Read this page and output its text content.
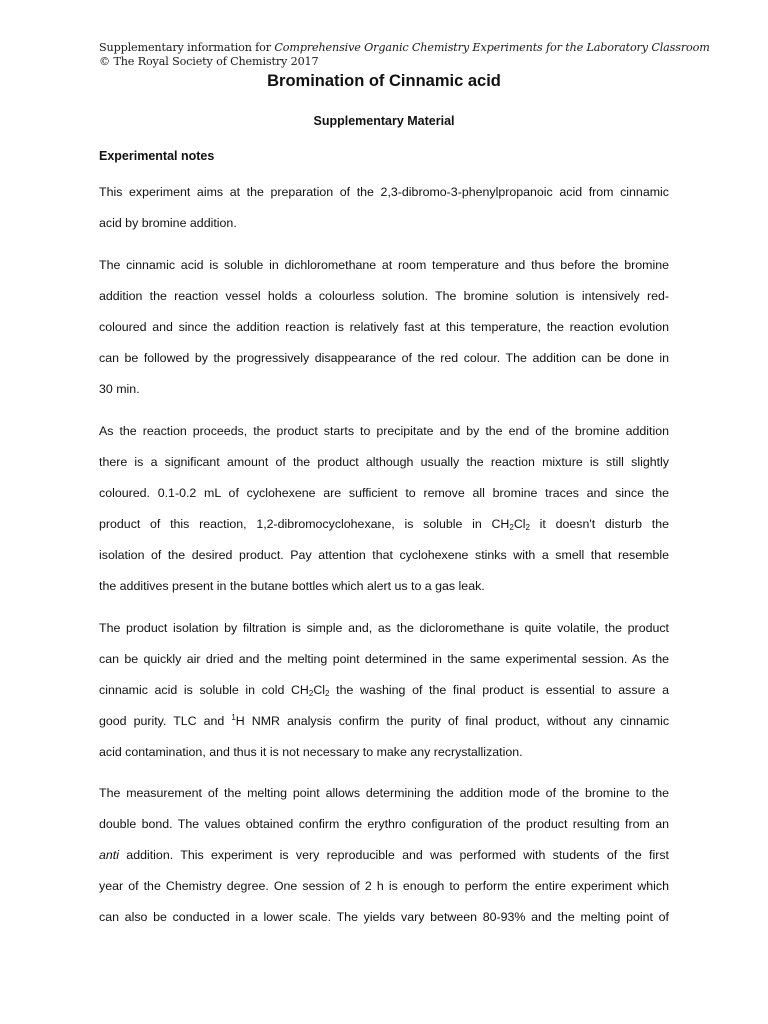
Supplementary information for Comprehensive Organic Chemistry Experiments for the Laboratory Classroom
© The Royal Society of Chemistry 2017
Bromination of Cinnamic acid
Supplementary Material
Experimental notes
This experiment aims at the preparation of the 2,3-dibromo-3-phenylpropanoic acid from cinnamic
acid by bromine addition.
The cinnamic acid is soluble in dichloromethane at room temperature and thus before the bromine
addition the reaction vessel holds a colourless solution. The bromine solution is intensively red-
coloured and since the addition reaction is relatively fast at this temperature, the reaction evolution
can be followed by the progressively disappearance of the red colour. The addition can be done in
30 min.
As the reaction proceeds, the product starts to precipitate and by the end of the bromine addition
there is a significant amount of the product although usually the reaction mixture is still slightly
coloured. 0.1-0.2 mL of cyclohexene are sufficient to remove all bromine traces and since the
product of this reaction, 1,2-dibromocyclohexane, is soluble in $CH_2Cl_2$ it doesn't disturb the
isolation of the desired product. Pay attention that cyclohexene stinks with a smell that resemble
the additives present in the butane bottles which alert us to a gas leak.
The product isolation by filtration is simple and, as the dicloromethane is quite volatile, the product
can be quickly air dried and the melting point determined in the same experimental session. As the
cinnamic acid is soluble in cold $CH_2Cl_2$ the washing of the final product is essential to assure a
good purity. TLC and $^1$H NMR analysis confirm the purity of final product, without any cinnamic
acid contamination, and thus it is not necessary to make any recrystallization.
The measurement of the melting point allows determining the addition mode of the bromine to the
double bond. The values obtained confirm the erythro configuration of the product resulting from an
anti addition. This experiment is very reproducible and was performed with students of the first
year of the Chemistry degree. One session of 2 h is enough to perform the entire experiment which
can also be conducted in a lower scale. The yields vary between 80-93% and the melting point of
